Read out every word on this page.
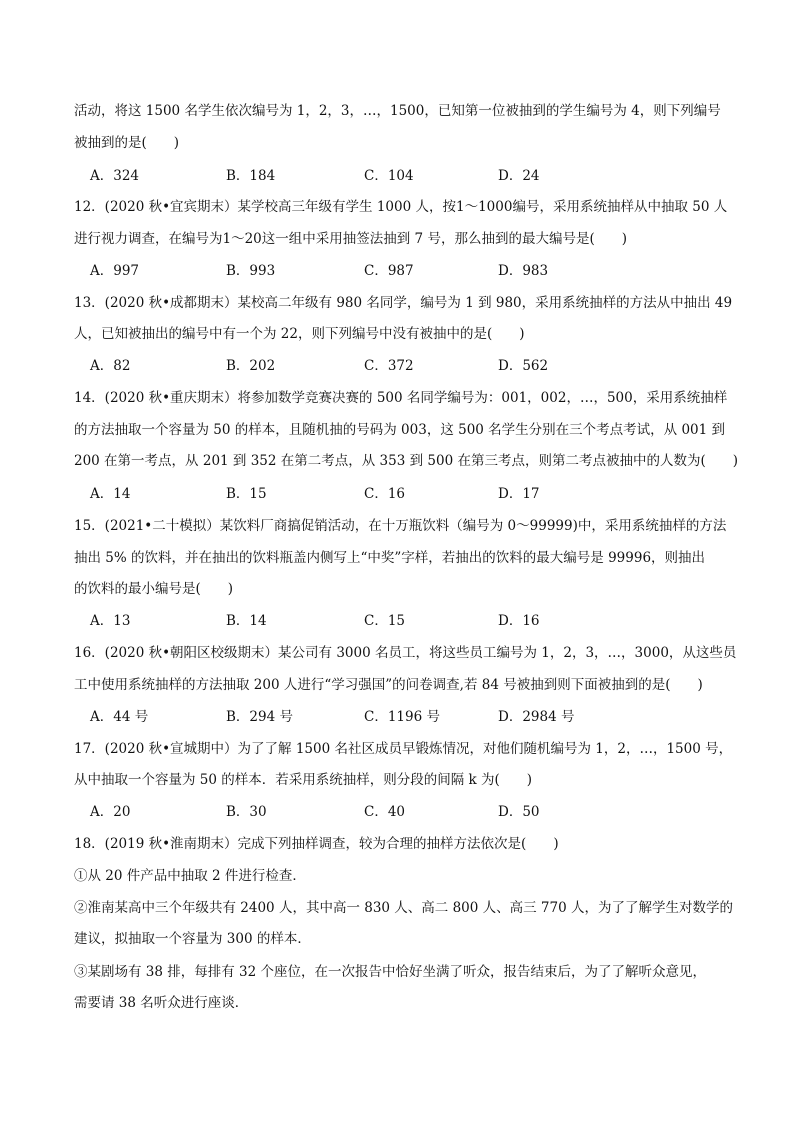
活动，将这 1500 名学生依次编号为 1，2，3，…，1500，已知第一位被抽到的学生编号为 4，则下列编号
被抽到的是(　　)
A．324	B．184	C．104	D．24
12．(2020 秋•宜宾期末）某学校高三年级有学生 1000 人，按1～1000编号，采用系统抽样从中抽取 50 人
进行视力调查，在编号为1～20这一组中采用抽签法抽到 7 号，那么抽到的最大编号是(　　)
A．997	B．993	C．987	D．983
13．(2020 秋•成都期末）某校高二年级有 980 名同学，编号为 1 到 980，采用系统抽样的方法从中抽出 49
人，已知被抽出的编号中有一个为 22，则下列编号中没有被抽中的是(　　)
A．82	B．202	C．372	D．562
14．(2020 秋•重庆期末）将参加数学竞赛决赛的 500 名同学编号为：001，002，…，500，采用系统抽样
的方法抽取一个容量为 50 的样本，且随机抽的号码为 003，这 500 名学生分别在三个考点考试，从 001 到
200 在第一考点，从 201 到 352 在第二考点，从 353 到 500 在第三考点，则第二考点被抽中的人数为(　　)
A．14	B．15	C．16	D．17
15．(2021•二十模拟）某饮料厂商搞促销活动，在十万瓶饮料（编号为 0～99999)中，采用系统抽样的方法
抽出 5% 的饮料，并在抽出的饮料瓶盖内侧写上“中奖”字样，若抽出的饮料的最大编号是 99996，则抽出
的饮料的最小编号是(　　)
A．13	B．14	C．15	D．16
16．(2020 秋•朝阳区校级期末）某公司有 3000 名员工，将这些员工编号为 1，2，3，…，3000，从这些员
工中使用系统抽样的方法抽取 200 人进行“学习强国”的问卷调查,若 84 号被抽到则下面被抽到的是(　　)
A．44 号	B．294 号	C．1196 号	D．2984 号
17．(2020 秋•宣城期中）为了了解 1500 名社区成员早锻炼情况，对他们随机编号为 1，2，…，1500 号，
从中抽取一个容量为 50 的样本．若采用系统抽样，则分段的间隔 k 为(　　)
A．20	B．30	C．40	D．50
18．(2019 秋•淮南期末）完成下列抽样调查，较为合理的抽样方法依次是(　　)
①从 20 件产品中抽取 2 件进行检查．
②淮南某高中三个年级共有 2400 人，其中高一 830 人、高二 800 人、高三 770 人，为了了解学生对数学的
建议，拟抽取一个容量为 300 的样本．
③某剧场有 38 排，每排有 32 个座位，在一次报告中恰好坐满了听众，报告结束后，为了了解听众意见，
需要请 38 名听众进行座谈．
